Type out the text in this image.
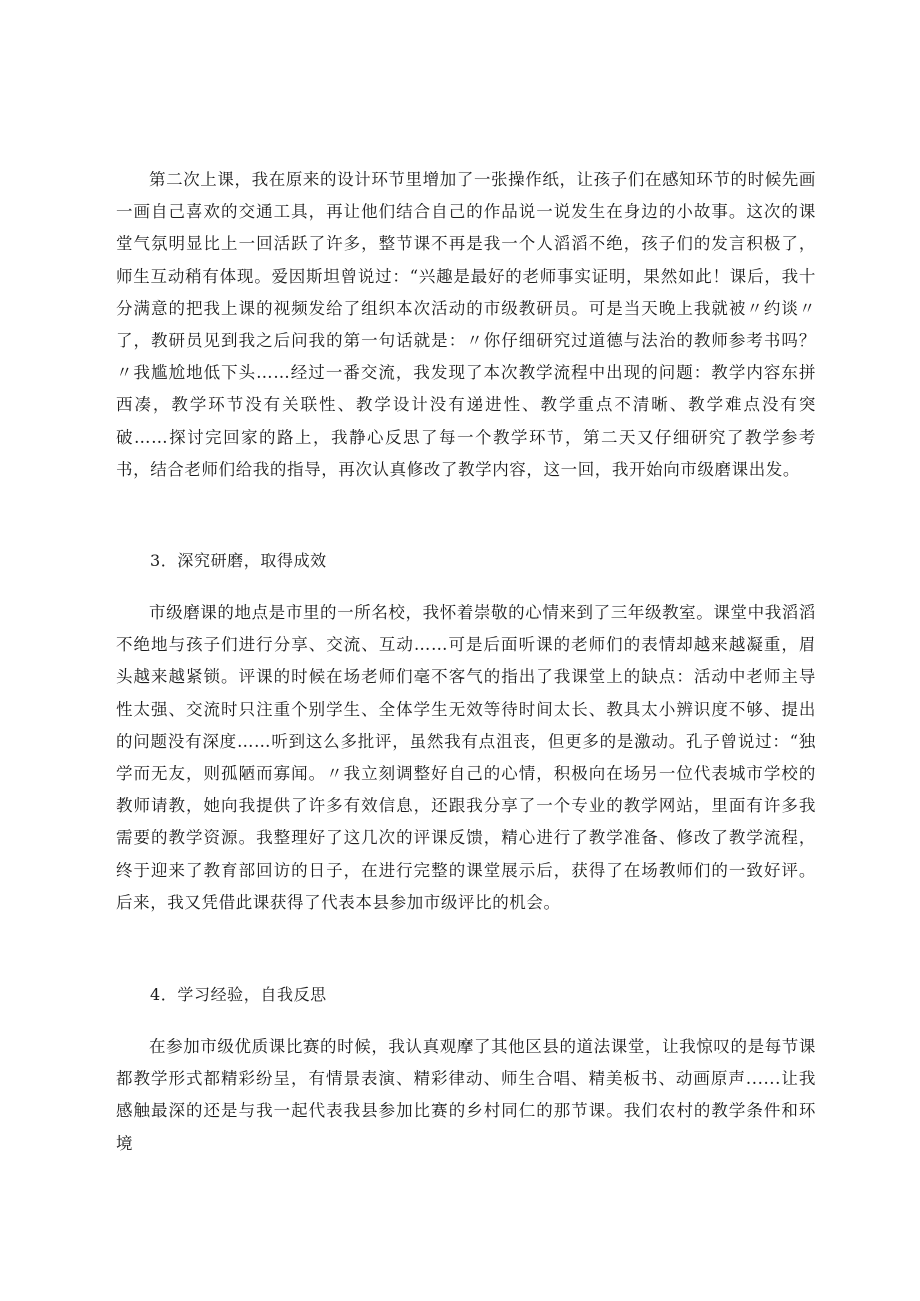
第二次上课，我在原来的设计环节里增加了一张操作纸，让孩子们在感知环节的时候先画一画自己喜欢的交通工具，再让他们结合自己的作品说一说发生在身边的小故事。这次的课堂气氛明显比上一回活跃了许多，整节课不再是我一个人滔滔不绝，孩子们的发言积极了，师生互动稍有体现。爱因斯坦曾说过：“兴趣是最好的老师事实证明，果然如此！课后，我十分满意的把我上课的视频发给了组织本次活动的市级教研员。可是当天晚上我就被〃约谈〃了，教研员见到我之后问我的第一句话就是：〃你仔细研究过道德与法治的教师参考书吗？〃我尴尬地低下头……经过一番交流，我发现了本次教学流程中出现的问题：教学内容东拼西凑，教学环节没有关联性、教学设计没有递进性、教学重点不清晰、教学难点没有突破……探讨完回家的路上，我静心反思了每一个教学环节，第二天又仔细研究了教学参考书，结合老师们给我的指导，再次认真修改了教学内容，这一回，我开始向市级磨课出发。

3．深究研磨，取得成效

市级磨课的地点是市里的一所名校，我怀着崇敬的心情来到了三年级教室。课堂中我滔滔不绝地与孩子们进行分享、交流、互动……可是后面听课的老师们的表情却越来越凝重，眉头越来越紧锁。评课的时候在场老师们毫不客气的指出了我课堂上的缺点：活动中老师主导性太强、交流时只注重个别学生、全体学生无效等待时间太长、教具太小辨识度不够、提出的问题没有深度……听到这么多批评，虽然我有点沮丧，但更多的是激动。孔子曾说过：“独学而无友，则孤陋而寡闻。〃我立刻调整好自己的心情，积极向在场另一位代表城市学校的教师请教，她向我提供了许多有效信息，还跟我分享了一个专业的教学网站，里面有许多我需要的教学资源。我整理好了这几次的评课反馈，精心进行了教学准备、修改了教学流程，终于迎来了教育部回访的日子，在进行完整的课堂展示后，获得了在场教师们的一致好评。后来，我又凭借此课获得了代表本县参加市级评比的机会。

4．学习经验，自我反思

在参加市级优质课比赛的时候，我认真观摩了其他区县的道法课堂，让我惊叹的是每节课都教学形式都精彩纷呈，有情景表演、精彩律动、师生合唱、精美板书、动画原声......让我感触最深的还是与我一起代表我县参加比赛的乡村同仁的那节课。我们农村的教学条件和环境
